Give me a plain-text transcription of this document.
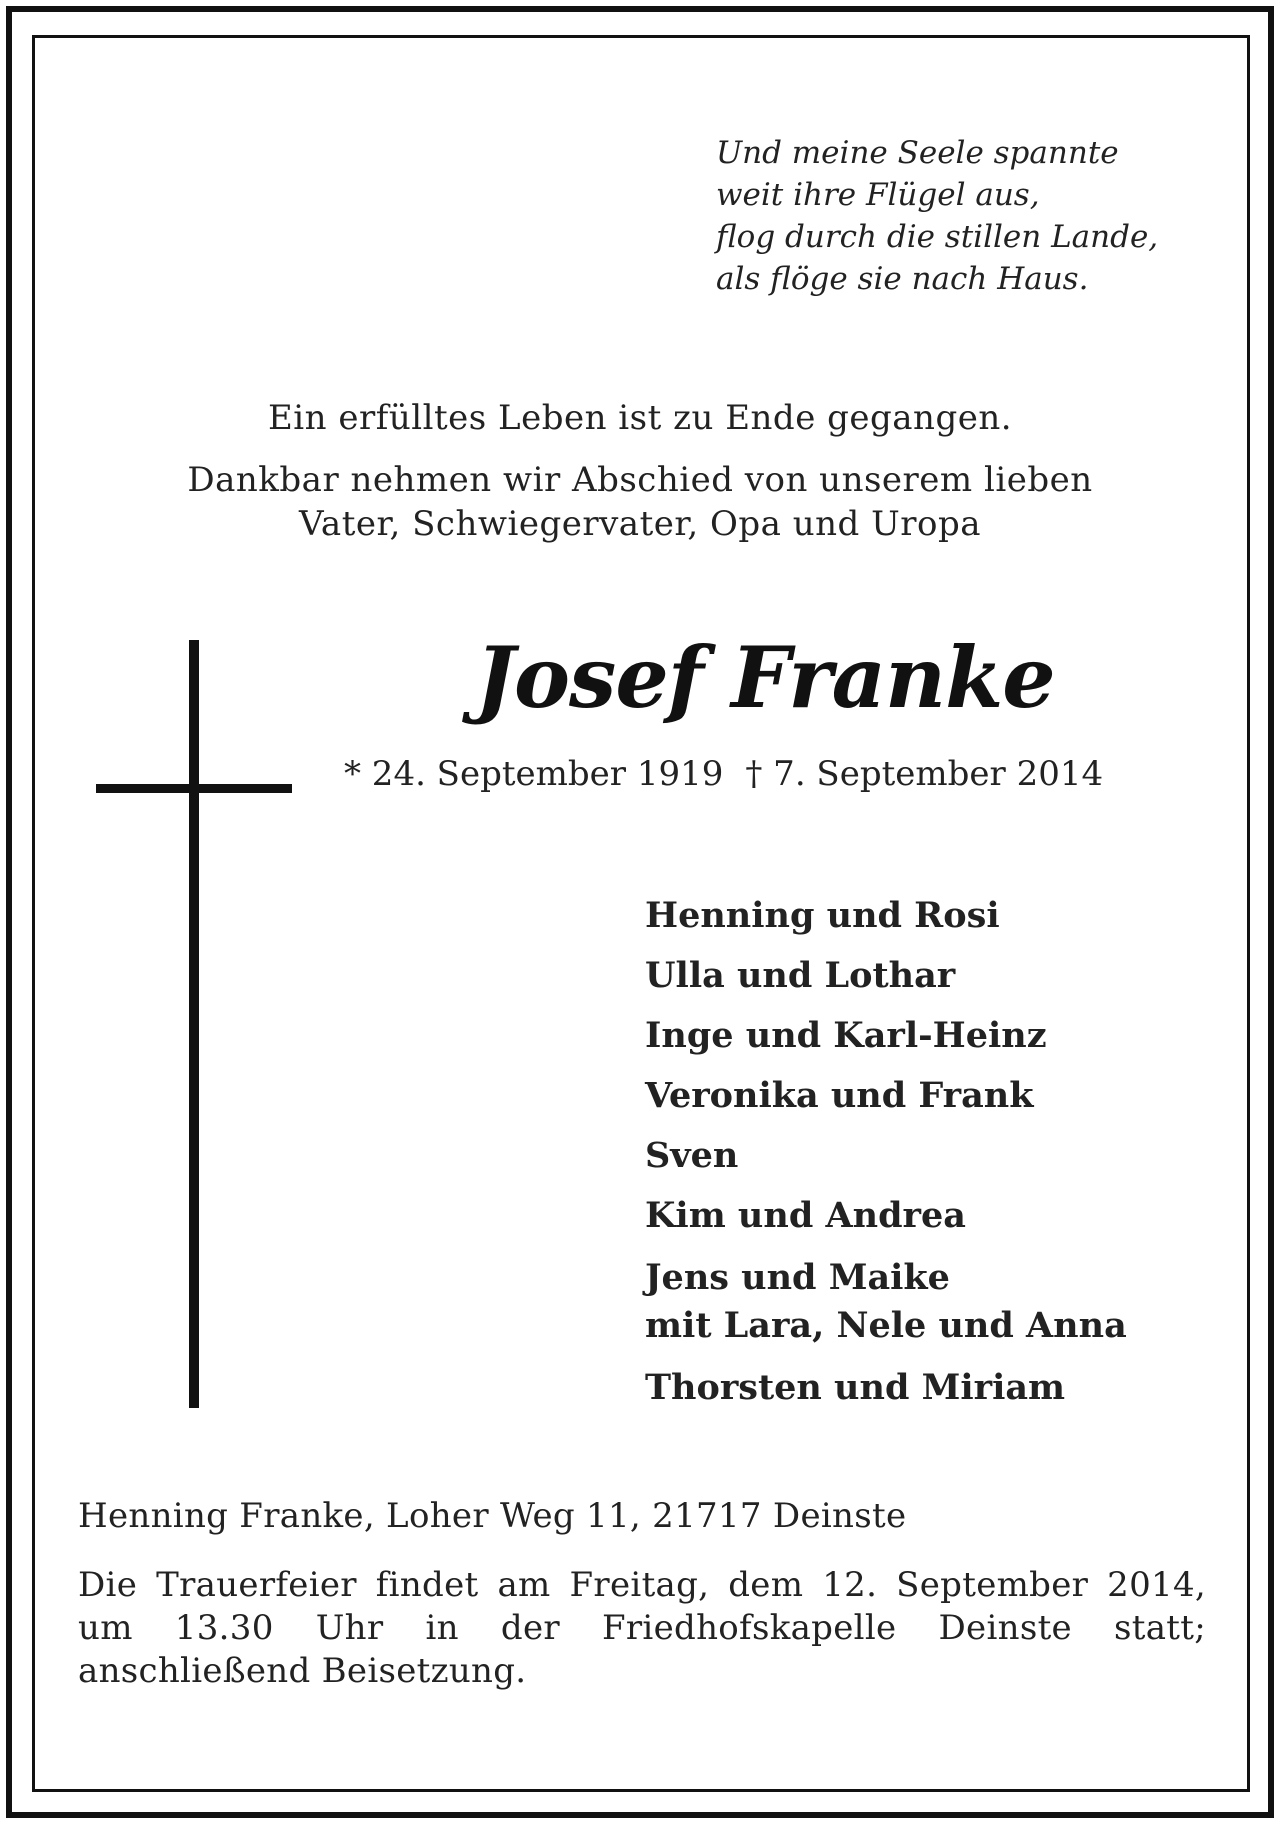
Und meine Seele spannte
weit ihre Flügel aus,
flog durch die stillen Lande,
als flöge sie nach Haus.
Ein erfülltes Leben ist zu Ende gegangen.
Dankbar nehmen wir Abschied von unserem lieben
Vater, Schwiegervater, Opa und Uropa
Josef Franke
* 24. September 1919 † 7. September 2014
Henning und Rosi
Ulla und Lothar
Inge und Karl-Heinz
Veronika und Frank
Sven
Kim und Andrea
Jens und Maike
mit Lara, Nele und Anna
Thorsten und Miriam
Henning Franke, Loher Weg 11, 21717 Deinste
Die Trauerfeier findet am Freitag, dem 12. September 2014, um 13.30 Uhr in der Friedhofskapelle Deinste statt; anschließend Beisetzung.
